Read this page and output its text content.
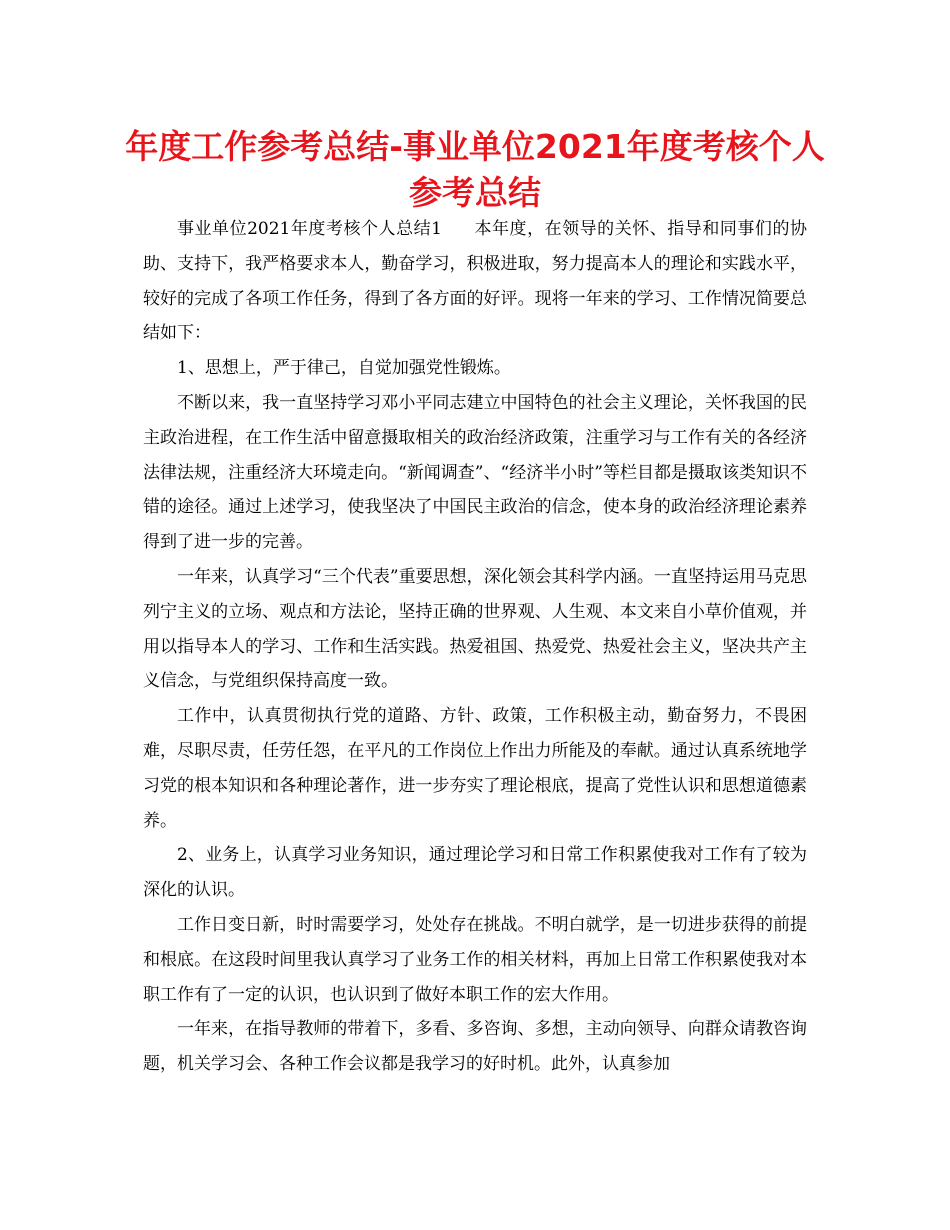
年度工作参考总结-事业单位2021年度考核个人
参考总结

事业单位2021年度考核个人总结1 本年度，在领导的关怀、指导和同事们的协助、支持下，我严格要求本人，勤奋学习，积极进取，努力提高本人的理论和实践水平，较好的完成了各项工作任务，得到了各方面的好评。现将一年来的学习、工作情况简要总结如下：

1、思想上，严于律己，自觉加强党性锻炼。

不断以来，我一直坚持学习邓小平同志建立中国特色的社会主义理论，关怀我国的民主政治进程，在工作生活中留意摄取相关的政治经济政策，注重学习与工作有关的各经济法律法规，注重经济大环境走向。“新闻调查”、“经济半小时”等栏目都是摄取该类知识不错的途径。通过上述学习，使我坚决了中国民主政治的信念，使本身的政治经济理论素养得到了进一步的完善。

一年来，认真学习“三个代表”重要思想，深化领会其科学内涵。一直坚持运用马克思列宁主义的立场、观点和方法论，坚持正确的世界观、人生观、本文来自小草价值观，并用以指导本人的学习、工作和生活实践。热爱祖国、热爱党、热爱社会主义，坚决共产主义信念，与党组织保持高度一致。

工作中，认真贯彻执行党的道路、方针、政策，工作积极主动，勤奋努力，不畏困难，尽职尽责，任劳任怨，在平凡的工作岗位上作出力所能及的奉献。通过认真系统地学习党的根本知识和各种理论著作，进一步夯实了理论根底，提高了党性认识和思想道德素养。

2、业务上，认真学习业务知识，通过理论学习和日常工作积累使我对工作有了较为深化的认识。

工作日变日新，时时需要学习，处处存在挑战。不明白就学，是一切进步获得的前提和根底。在这段时间里我认真学习了业务工作的相关材料，再加上日常工作积累使我对本职工作有了一定的认识，也认识到了做好本职工作的宏大作用。

一年来，在指导教师的带着下，多看、多咨询、多想，主动向领导、向群众请教咨询题，机关学习会、各种工作会议都是我学习的好时机。此外，认真参加
